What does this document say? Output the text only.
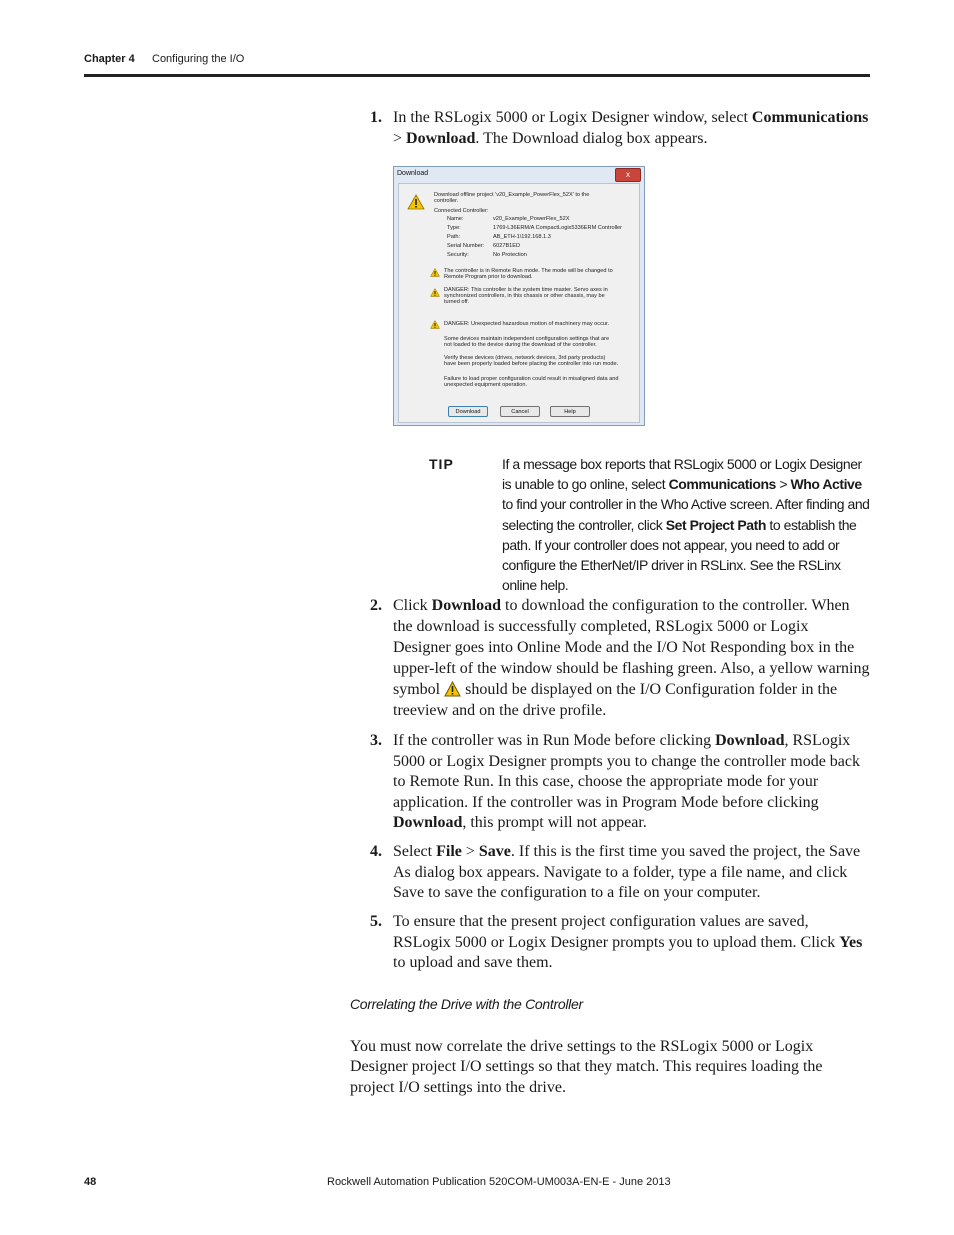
Chapter 4 Configuring the I/O
1. In the RSLogix 5000 or Logix Designer window, select Communications > Download. The Download dialog box appears.
Download	x
Download offline project 'v20_Example_PowerFlex_52X' to the
controller.
Connected Controller:
Name:	v20_Example_PowerFlex_52X
Type:	1769-L36ERM/A CompactLogix5336ERM Controller
Path:	AB_ETH-1\192.168.1.3
Serial Number: 6027B1ED
Security:	No Protection
The controller is in Remote Run mode. The mode will be changed to
Remote Program prior to download.
DANGER: This controller is the system time master. Servo axes in
synchronized controllers, in this chassis or other chassis, may be
turned off.
DANGER: Unexpected hazardous motion of machinery may occur.
Some devices maintain independent configuration settings that are
not loaded to the device during the download of the controller.
Verify these devices (drives, network devices, 3rd party products)
have been properly loaded before placing the controller into run mode.
Failure to load proper configuration could result in misaligned data and
unexpected equipment operation.
Download	Cancel	Help
TIP	If a message box reports that RSLogix 5000 or Logix Designer is unable to go online, select Communications > Who Active to find your controller in the Who Active screen. After finding and selecting the controller, click Set Project Path to establish the path. If your controller does not appear, you need to add or configure the EtherNet/IP driver in RSLinx. See the RSLinx online help.
2. Click Download to download the configuration to the controller. When the download is successfully completed, RSLogix 5000 or Logix Designer goes into Online Mode and the I/O Not Responding box in the upper-left of the window should be flashing green. Also, a yellow warning symbol  should be displayed on the I/O Configuration folder in the treeview and on the drive profile.
3. If the controller was in Run Mode before clicking Download, RSLogix 5000 or Logix Designer prompts you to change the controller mode back to Remote Run. In this case, choose the appropriate mode for your application. If the controller was in Program Mode before clicking Download, this prompt will not appear.
4. Select File > Save. If this is the first time you saved the project, the Save As dialog box appears. Navigate to a folder, type a file name, and click Save to save the configuration to a file on your computer.
5. To ensure that the present project configuration values are saved, RSLogix 5000 or Logix Designer prompts you to upload them. Click Yes to upload and save them.
Correlating the Drive with the Controller
You must now correlate the drive settings to the RSLogix 5000 or Logix Designer project I/O settings so that they match. This requires loading the project I/O settings into the drive.
48	Rockwell Automation Publication 520COM-UM003A-EN-E - June 2013
